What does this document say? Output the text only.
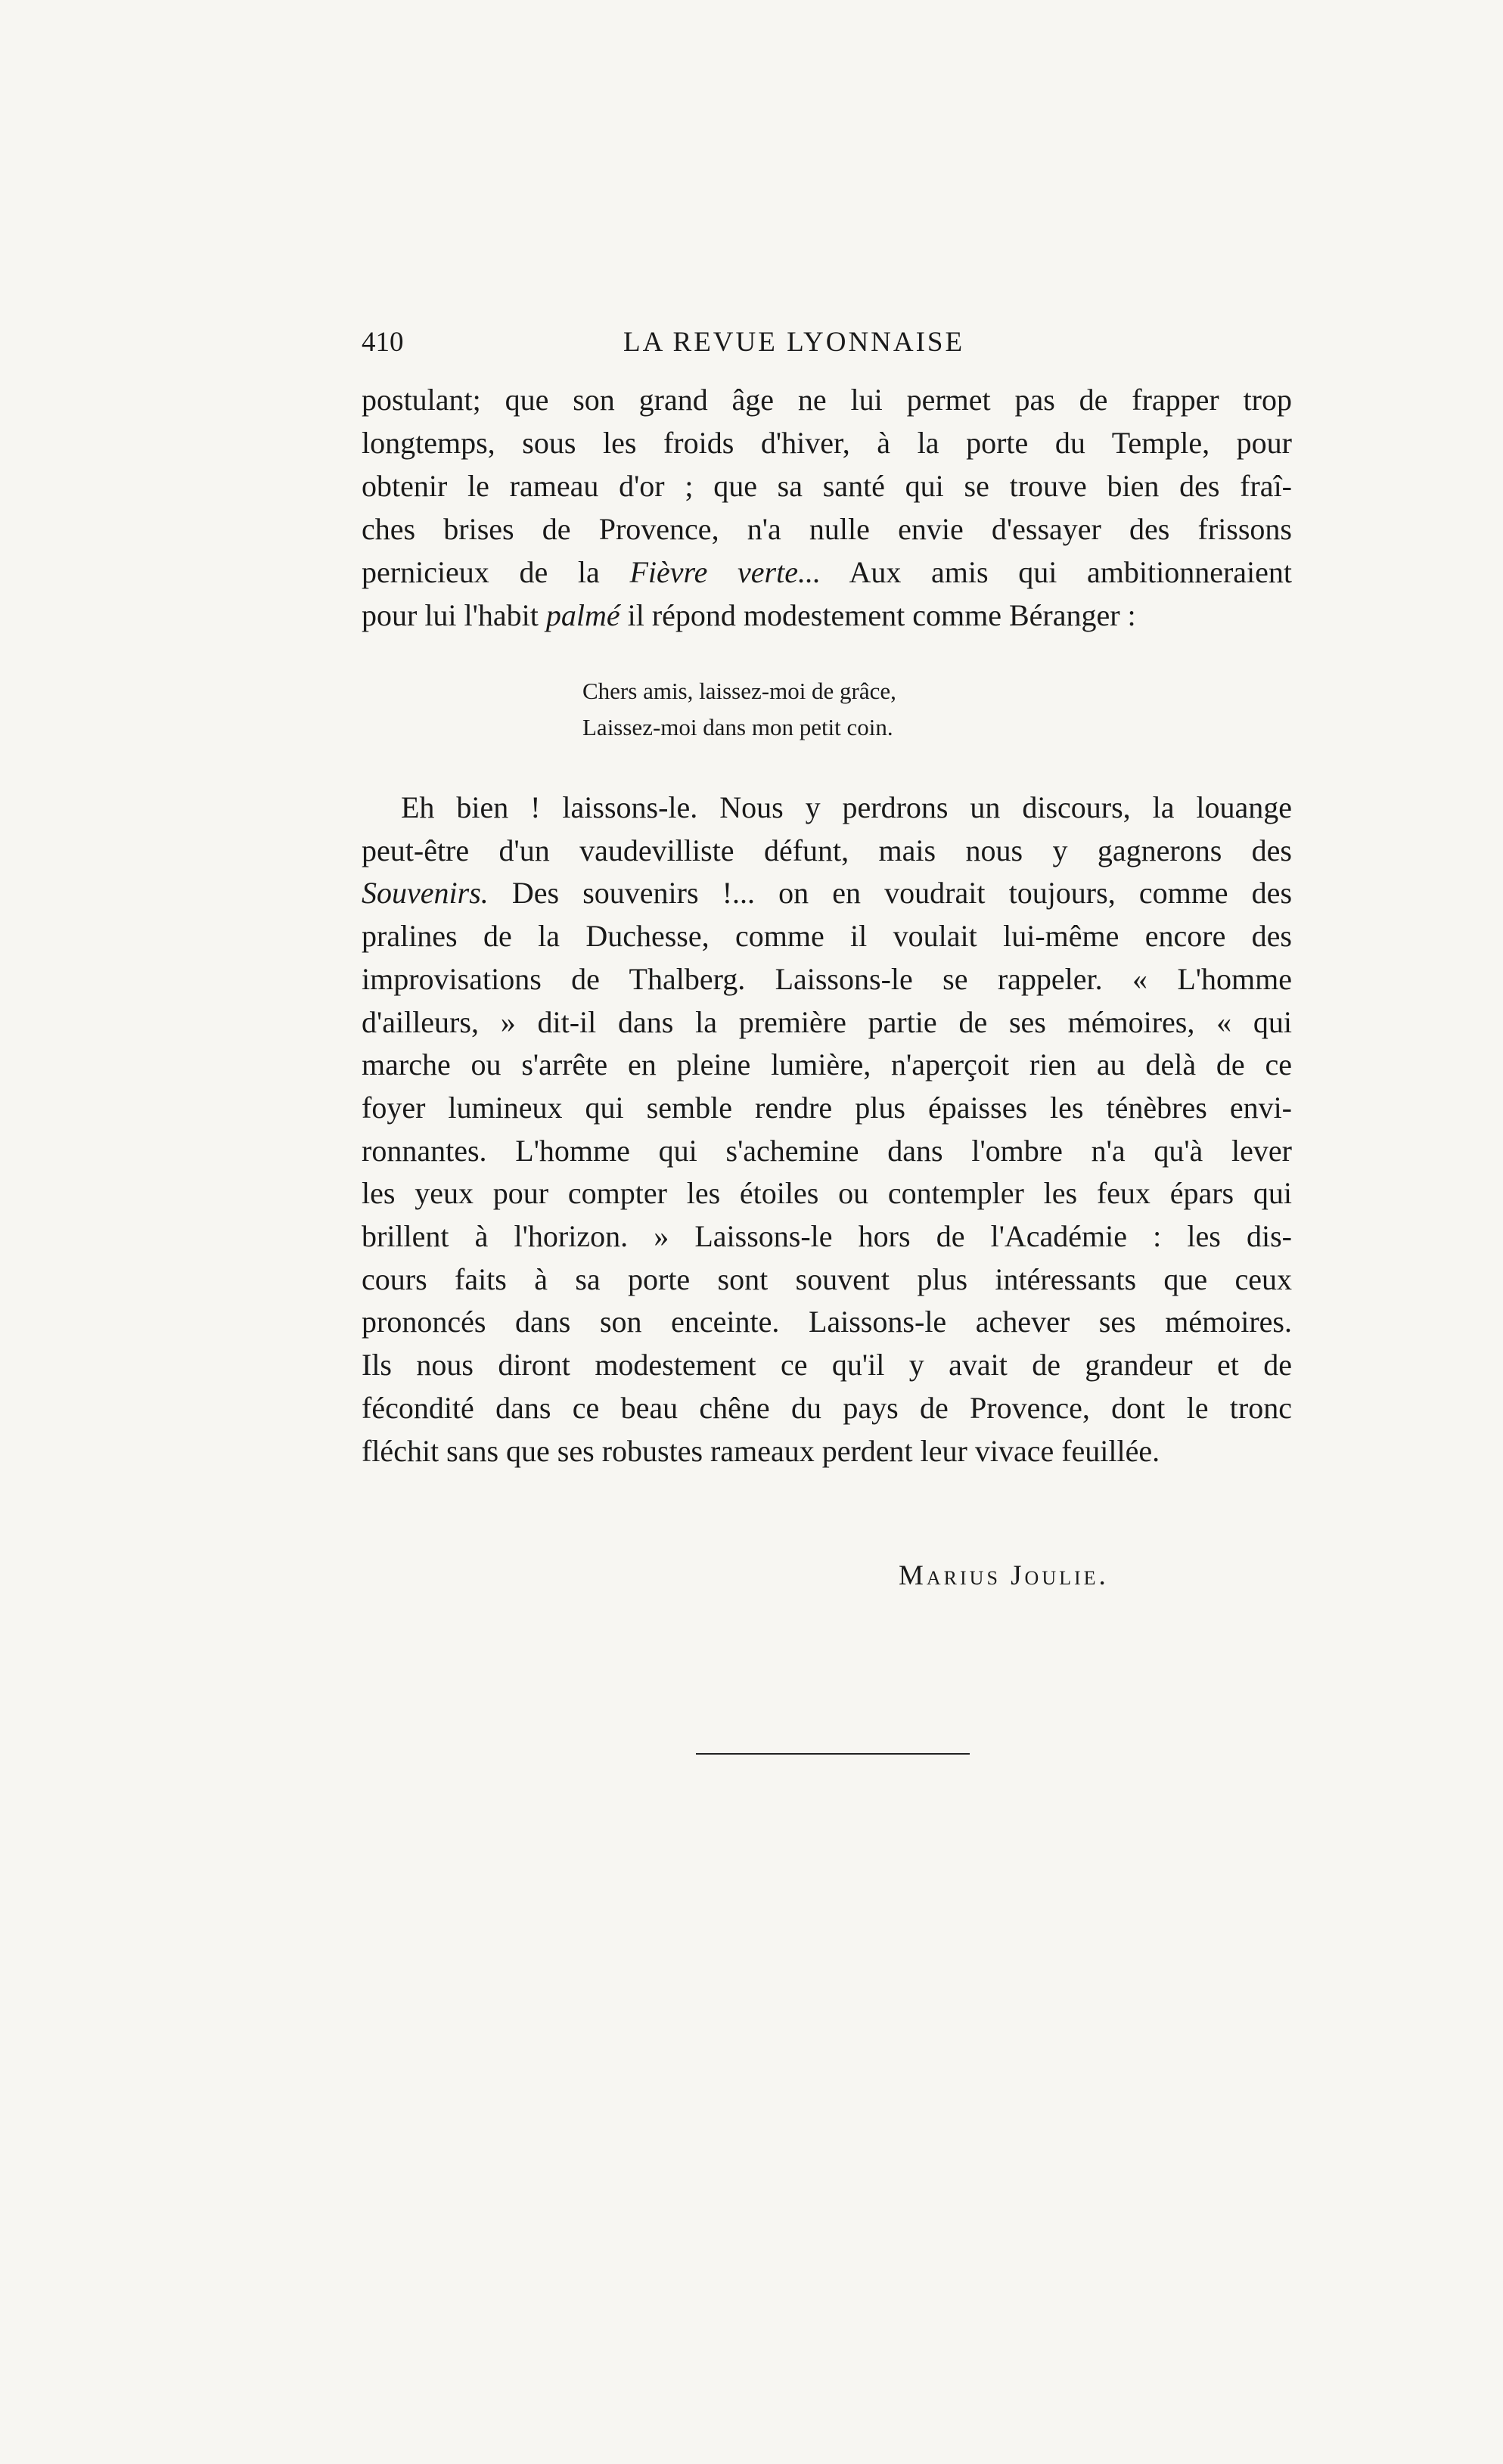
410	LA REVUE LYONNAISE
postulant; que son grand âge ne lui permet pas de frapper trop
longtemps, sous les froids d'hiver, à la porte du Temple, pour
obtenir le rameau d'or ; que sa santé qui se trouve bien des fraî-
ches brises de Provence, n'a nulle envie d'essayer des frissons
pernicieux de la Fièvre verte... Aux amis qui ambitionneraient
pour lui l'habit palmé il répond modestement comme Béranger :
Chers amis, laissez-moi de grâce,
Laissez-moi dans mon petit coin.
Eh bien ! laissons-le. Nous y perdrons un discours, la louange
peut-être d'un vaudevilliste défunt, mais nous y gagnerons des
Souvenirs. Des souvenirs !... on en voudrait toujours, comme des
pralines de la Duchesse, comme il voulait lui-même encore des
improvisations de Thalberg. Laissons-le se rappeler. « L'homme
d'ailleurs, » dit-il dans la première partie de ses mémoires, « qui
marche ou s'arrête en pleine lumière, n'aperçoit rien au delà de ce
foyer lumineux qui semble rendre plus épaisses les ténèbres envi-
ronnantes. L'homme qui s'achemine dans l'ombre n'a qu'à lever
les yeux pour compter les étoiles ou contempler les feux épars qui
brillent à l'horizon. » Laissons-le hors de l'Académie : les dis-
cours faits à sa porte sont souvent plus intéressants que ceux
prononcés dans son enceinte. Laissons-le achever ses mémoires.
Ils nous diront modestement ce qu'il y avait de grandeur et de
fécondité dans ce beau chêne du pays de Provence, dont le tronc
fléchit sans que ses robustes rameaux perdent leur vivace feuillée.
Marius Joulie.
